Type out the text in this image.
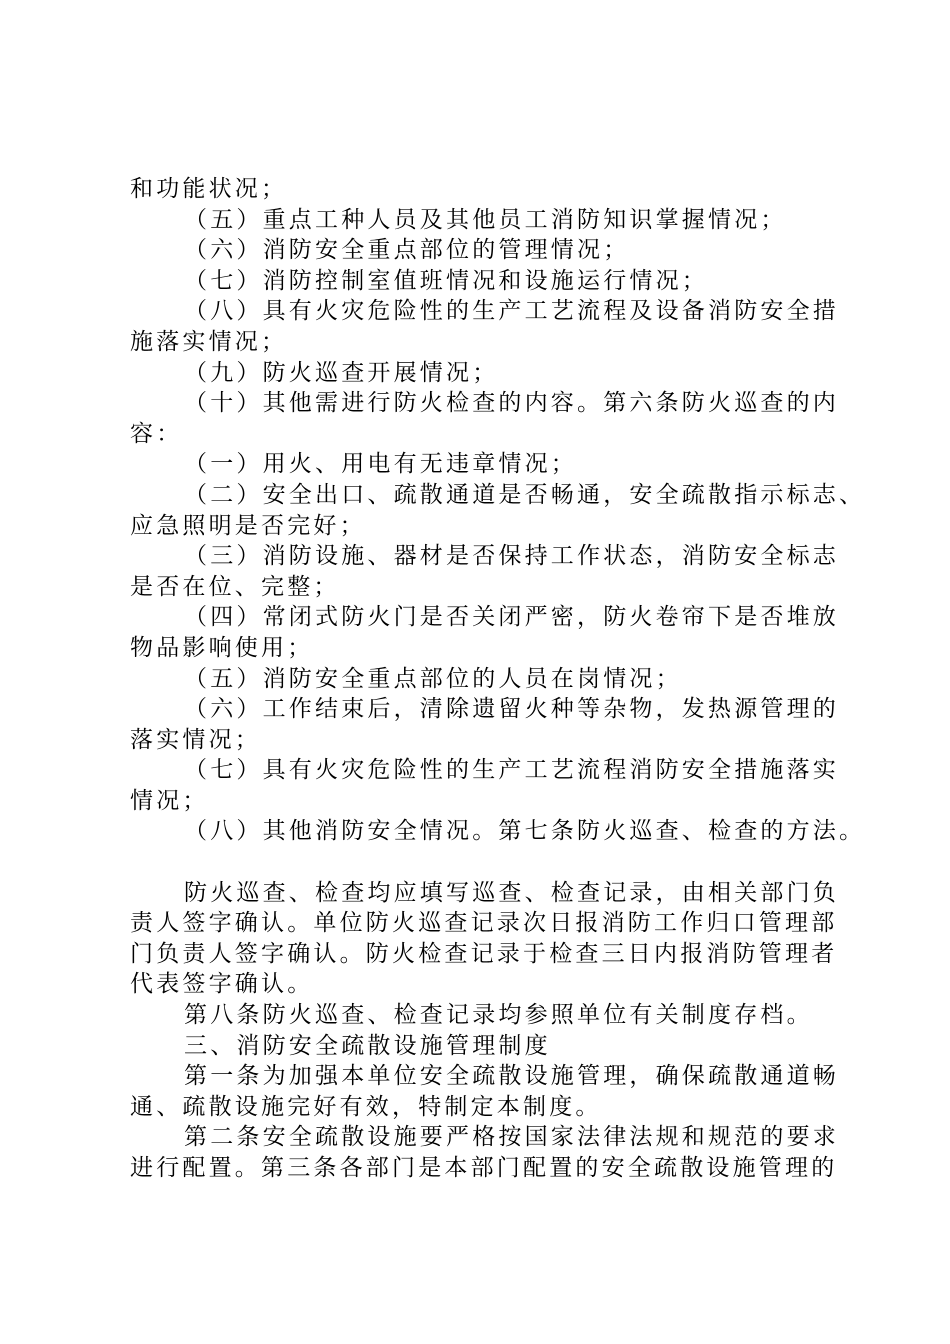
和功能状况；
（五）重点工种人员及其他员工消防知识掌握情况；
（六）消防安全重点部位的管理情况；
（七）消防控制室值班情况和设施运行情况；
（八）具有火灾危险性的生产工艺流程及设备消防安全措
施落实情况；
（九）防火巡查开展情况；
（十）其他需进行防火检查的内容。第六条防火巡查的内
容：
（一）用火、用电有无违章情况；
（二）安全出口、疏散通道是否畅通，安全疏散指示标志、
应急照明是否完好；
（三）消防设施、器材是否保持工作状态，消防安全标志
是否在位、完整；
（四）常闭式防火门是否关闭严密，防火卷帘下是否堆放
物品影响使用；
（五）消防安全重点部位的人员在岗情况；
（六）工作结束后，清除遗留火种等杂物，发热源管理的
落实情况；
（七）具有火灾危险性的生产工艺流程消防安全措施落实
情况；
（八）其他消防安全情况。第七条防火巡查、检查的方法。
防火巡查、检查均应填写巡查、检查记录，由相关部门负
责人签字确认。单位防火巡查记录次日报消防工作归口管理部
门负责人签字确认。防火检查记录于检查三日内报消防管理者
代表签字确认。
第八条防火巡查、检查记录均参照单位有关制度存档。
三、消防安全疏散设施管理制度
第一条为加强本单位安全疏散设施管理，确保疏散通道畅
通、疏散设施完好有效，特制定本制度。
第二条安全疏散设施要严格按国家法律法规和规范的要求
进行配置。第三条各部门是本部门配置的安全疏散设施管理的
